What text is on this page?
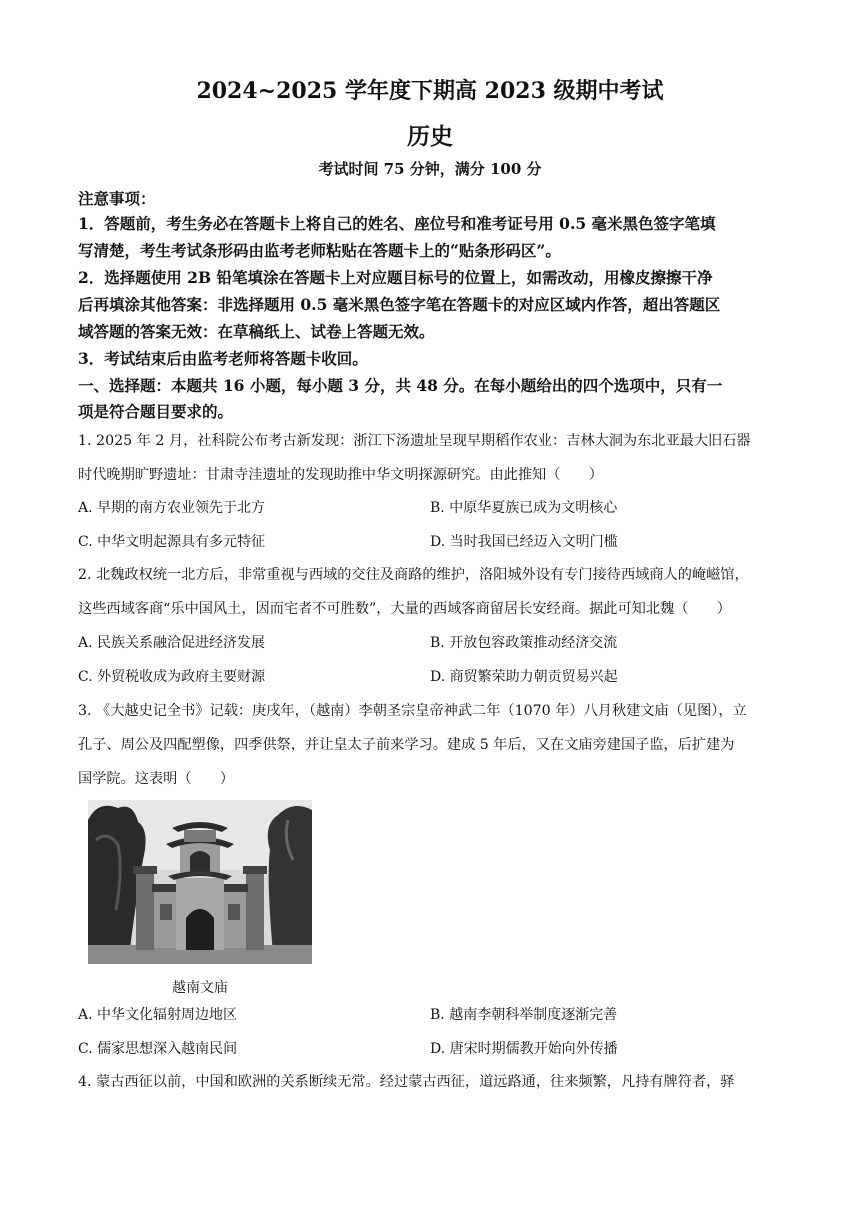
2024~2025 学年度下期高 2023 级期中考试
历史
考试时间 75 分钟，满分 100 分
注意事项：
1．答题前，考生务必在答题卡上将自己的姓名、座位号和准考证号用 0.5 毫米黑色签字笔填
写清楚，考生考试条形码由监考老师粘贴在答题卡上的“贴条形码区”。
2．选择题使用 2B 铅笔填涂在答题卡上对应题目标号的位置上，如需改动，用橡皮擦擦干净
后再填涂其他答案：非选择题用 0.5 毫米黑色签字笔在答题卡的对应区域内作答，超出答题区
域答题的答案无效：在草稿纸上、试卷上答题无效。
3．考试结束后由监考老师将答题卡收回。
一、选择题：本题共 16 小题，每小题 3 分，共 48 分。在每小题给出的四个选项中，只有一
项是符合题目要求的。
1. 2025 年 2 月，社科院公布考古新发现：浙江下汤遗址呈现早期稻作农业：吉林大洞为东北亚最大旧石器
时代晚期旷野遗址：甘肃寺洼遗址的发现助推中华文明探源研究。由此推知（　　）
A. 早期的南方农业领先于北方	B. 中原华夏族已成为文明核心
C. 中华文明起源具有多元特征	D. 当时我国已经迈入文明门槛
2. 北魏政权统一北方后，非常重视与西域的交往及商路的维护，洛阳城外设有专门接待西域商人的崦嵫馆，
这些西域客商“乐中国风土，因而宅者不可胜数”，大量的西域客商留居长安经商。据此可知北魏（　　）
A. 民族关系融洽促进经济发展	B. 开放包容政策推动经济交流
C. 外贸税收成为政府主要财源	D. 商贸繁荣助力朝贡贸易兴起
3. 《大越史记全书》记载：庚戌年，（越南）李朝圣宗皇帝神武二年（1070 年）八月秋建文庙（见图），立
孔子、周公及四配塑像，四季供祭，并让皇太子前来学习。建成 5 年后，又在文庙旁建国子监，后扩建为
国学院。这表明（　　）
越南文庙
A. 中华文化辐射周边地区	B. 越南李朝科举制度逐渐完善
C. 儒家思想深入越南民间	D. 唐宋时期儒教开始向外传播
4. 蒙古西征以前，中国和欧洲的关系断续无常。经过蒙古西征，道远路通，往来频繁，凡持有牌符者，驿
